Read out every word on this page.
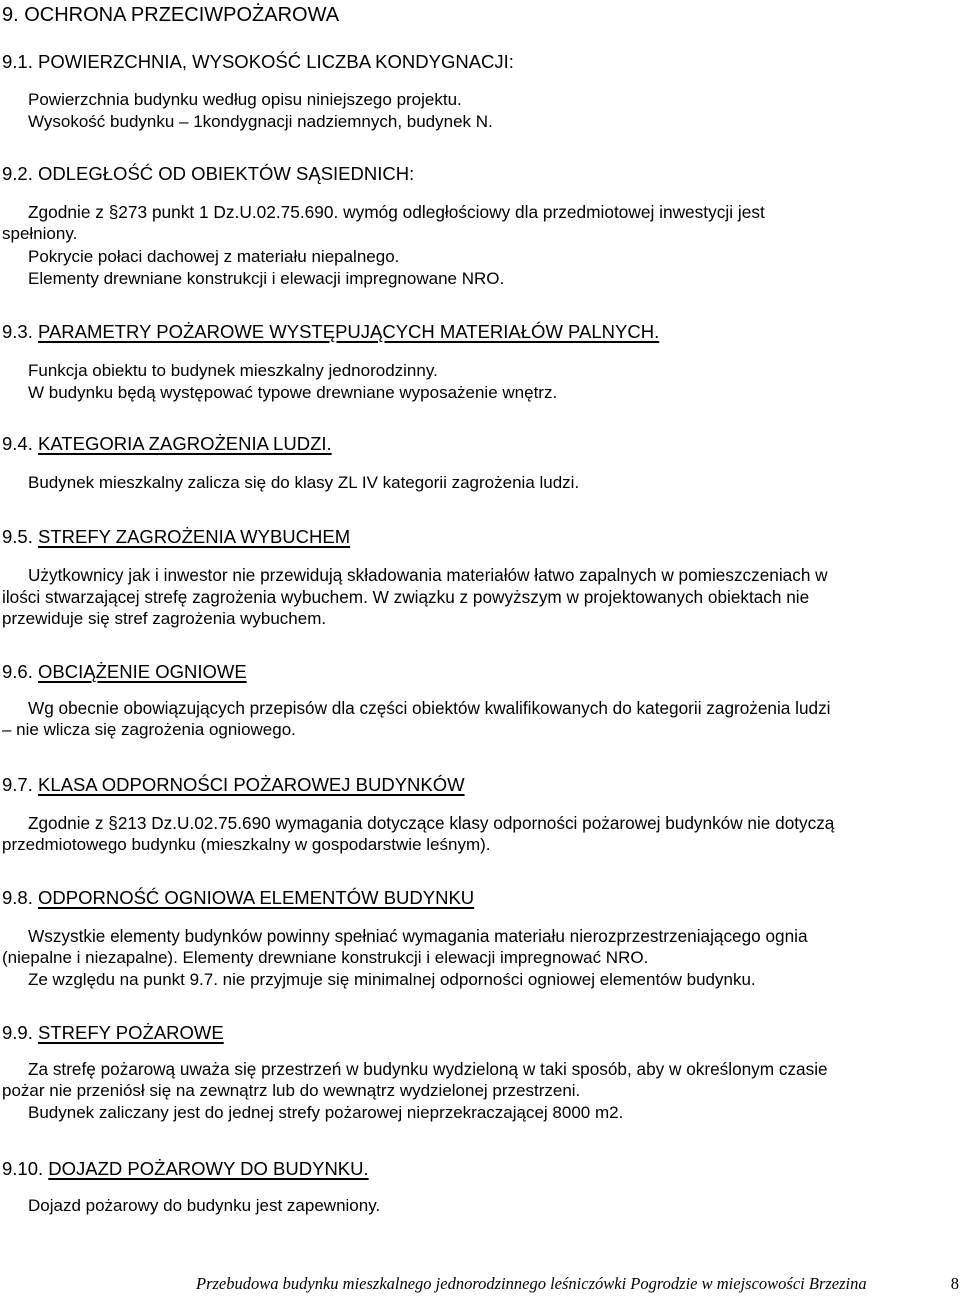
9. OCHRONA PRZECIWPOŻAROWA
9.1. POWIERZCHNIA, WYSOKOŚĆ LICZBA KONDYGNACJI:
Powierzchnia budynku według opisu niniejszego projektu.
Wysokość budynku – 1kondygnacji nadziemnych, budynek N.
9.2. ODLEGŁOŚĆ OD OBIEKTÓW SĄSIEDNICH:
Zgodnie z §273 punkt 1 Dz.U.02.75.690. wymóg odległościowy dla przedmiotowej inwestycji jest
spełniony.
Pokrycie połaci dachowej z materiału niepalnego.
Elementy drewniane konstrukcji i elewacji impregnowane NRO.
9.3. PARAMETRY POŻAROWE WYSTĘPUJĄCYCH MATERIAŁÓW PALNYCH.
Funkcja obiektu to budynek mieszkalny jednorodzinny.
W budynku będą występować typowe drewniane wyposażenie wnętrz.
9.4. KATEGORIA ZAGROŻENIA LUDZI.
Budynek mieszkalny zalicza się do klasy ZL IV kategorii zagrożenia ludzi.
9.5. STREFY ZAGROŻENIA WYBUCHEM
Użytkownicy jak i inwestor nie przewidują składowania materiałów łatwo zapalnych w pomieszczeniach w
ilości stwarzającej strefę zagrożenia wybuchem. W związku z powyższym w projektowanych obiektach nie
przewiduje się stref zagrożenia wybuchem.
9.6. OBCIĄŻENIE OGNIOWE
Wg obecnie obowiązujących przepisów dla części obiektów kwalifikowanych do kategorii zagrożenia ludzi
– nie wlicza się zagrożenia ogniowego.
9.7. KLASA ODPORNOŚCI POŻAROWEJ BUDYNKÓW
Zgodnie z §213 Dz.U.02.75.690 wymagania dotyczące klasy odporności pożarowej budynków nie dotyczą
przedmiotowego budynku (mieszkalny w gospodarstwie leśnym).
9.8. ODPORNOŚĆ OGNIOWA ELEMENTÓW BUDYNKU
Wszystkie elementy budynków powinny spełniać wymagania materiału nierozprzestrzeniającego ognia
(niepalne i niezapalne). Elementy drewniane konstrukcji i elewacji impregnować NRO.
Ze względu na punkt 9.7. nie przyjmuje się minimalnej odporności ogniowej elementów budynku.
9.9. STREFY POŻAROWE
Za strefę pożarową uważa się przestrzeń w budynku wydzieloną w taki sposób, aby w określonym czasie
pożar nie przeniósł się na zewnątrz lub do wewnątrz wydzielonej przestrzeni.
Budynek zaliczany jest do jednej strefy pożarowej nieprzekraczającej 8000 m2.
9.10. DOJAZD POŻAROWY DO BUDYNKU.
Dojazd pożarowy do budynku jest zapewniony.
Przebudowa budynku mieszkalnego jednorodzinnego leśniczówki Pogrodzie w miejscowości Brzezina	8
